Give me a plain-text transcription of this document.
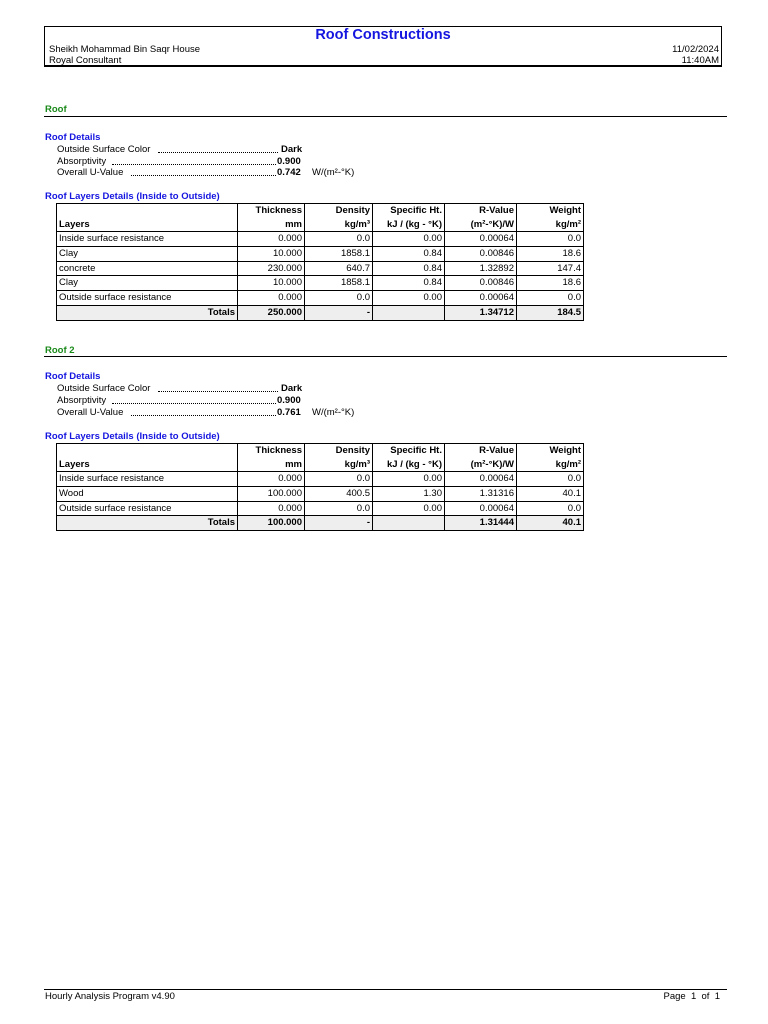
Roof Constructions
Sheikh Mohammad Bin Saqr House
Royal Consultant
11/02/2024
11:40AM
Roof
Roof Details
Outside Surface Color	Dark
Absorptivity	0.900
Overall U-Value	0.742 W/(m²-°K)
Roof Layers Details (Inside to Outside)
	Thickness	Density	Specific Ht.	R-Value	Weight
Layers	mm	kg/m³	kJ / (kg - °K)	(m²-°K)/W	kg/m²
Inside surface resistance	0.000	0.0	0.00	0.00064	0.0
Clay	10.000	1858.1	0.84	0.00846	18.6
concrete	230.000	640.7	0.84	1.32892	147.4
Clay	10.000	1858.1	0.84	0.00846	18.6
Outside surface resistance	0.000	0.0	0.00	0.00064	0.0
Totals	250.000	-		1.34712	184.5
Roof 2
Roof Details
Outside Surface Color	Dark
Absorptivity	0.900
Overall U-Value	0.761 W/(m²-°K)
Roof Layers Details (Inside to Outside)
	Thickness	Density	Specific Ht.	R-Value	Weight
Layers	mm	kg/m³	kJ / (kg - °K)	(m²-°K)/W	kg/m²
Inside surface resistance	0.000	0.0	0.00	0.00064	0.0
Wood	100.000	400.5	1.30	1.31316	40.1
Outside surface resistance	0.000	0.0	0.00	0.00064	0.0
Totals	100.000	-		1.31444	40.1
Hourly Analysis Program v4.90	Page  1  of  1
